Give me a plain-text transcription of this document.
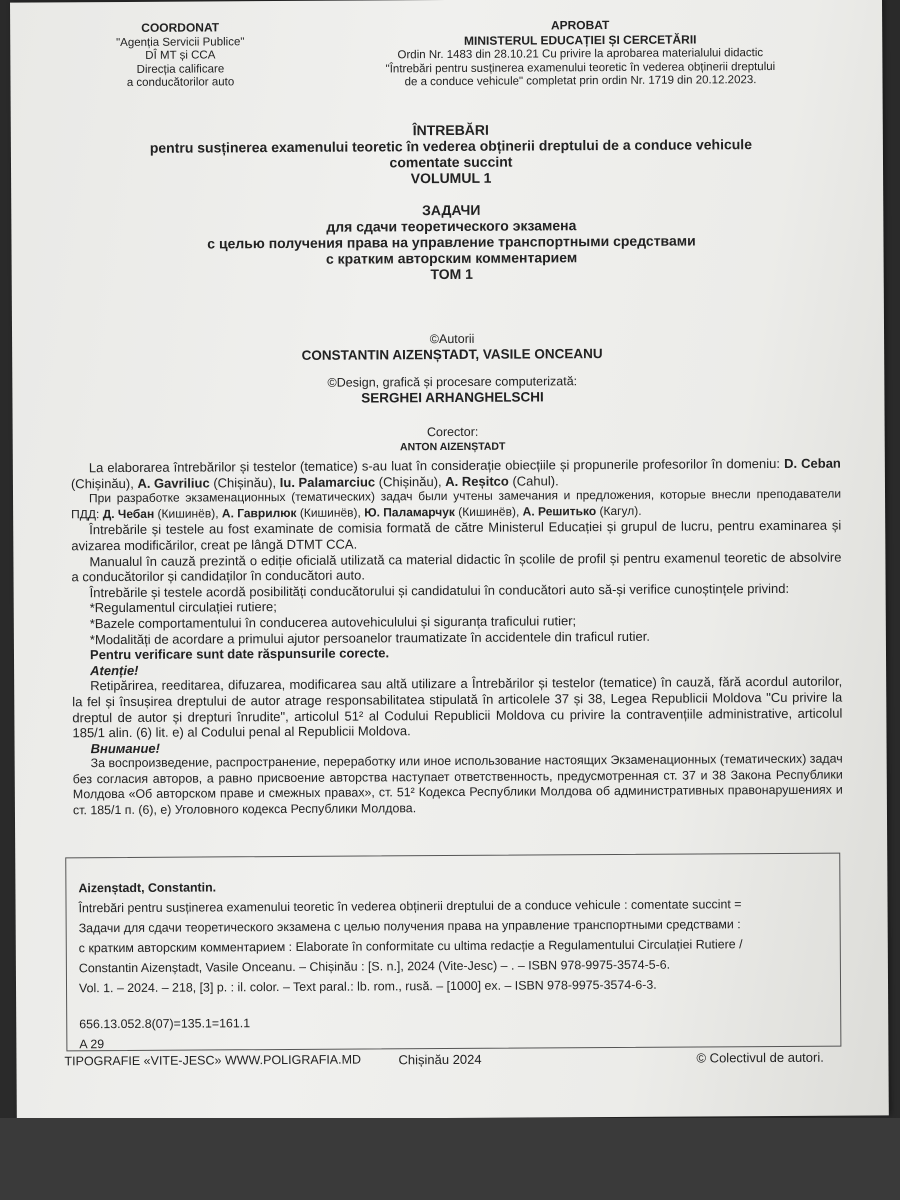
COORDONAT
"Agenția Servicii Publice"
DÎ MT și CCA
Direcția calificare
a conducătorilor auto
APROBAT
MINISTERUL EDUCAȚIEI ȘI CERCETĂRII
Ordin Nr. 1483 din 28.10.21 Cu privire la aprobarea materialului didactic
"Întrebări pentru susținerea examenului teoretic în vederea obținerii dreptului
de a conduce vehicule" completat prin ordin Nr. 1719 din 20.12.2023.
ÎNTREBĂRI
pentru susținerea examenului teoretic în vederea obținerii dreptului de a conduce vehicule
comentate succint
VOLUMUL 1
ЗАДАЧИ
для сдачи теоретического экзамена
с целью получения права на управление транспортными средствами
с кратким авторским комментарием
ТОМ 1
©Autorii
CONSTANTIN AIZENȘTADT, VASILE ONCEANU
©Design, grafică și procesare computerizată:
SERGHEI ARHANGHELSCHI
Corector:
ANTON AIZENȘTADT

La elaborarea întrebărilor și testelor (tematice) s-au luat în considerație obiecțiile și propunerile profesorilor în domeniu: D. Ceban (Chișinău), A. Gavriliuc (Chișinău), Iu. Palamarciuc (Chișinău), A. Reșitco (Cahul).

При разработке экзаменационных (тематических) задач были учтены замечания и предложения, которые внесли преподаватели ПДД: Д. Чебан (Кишинёв), А. Гаврилюк (Кишинёв), Ю. Паламарчук (Кишинёв), А. Решитько (Кагул).

Întrebările și testele au fost examinate de comisia formată de către Ministerul Educației și grupul de lucru, pentru examinarea și avizarea modificărilor, creat pe lângă DTMT CCA.

Manualul în cauză prezintă o ediție oficială utilizată ca material didactic în școlile de profil și pentru examenul teoretic de absolvire a conducătorilor și candidaților în conducători auto.

Întrebările și testele acordă posibilități conducătorului și candidatului în conducători auto să-și verifice cunoștințele privind:

*Regulamentul circulației rutiere;

*Bazele comportamentului în conducerea autovehiculului și siguranța traficului rutier;

*Modalități de acordare a primului ajutor persoanelor traumatizate în accidentele din traficul rutier.

Pentru verificare sunt date răspunsurile corecte.

Atenție!

Retipărirea, reeditarea, difuzarea, modificarea sau altă utilizare a Întrebărilor și testelor (tematice) în cauză, fără acordul autorilor, la fel și însușirea dreptului de autor atrage responsabilitatea stipulată în articolele 37 și 38, Legea Republicii Moldova "Cu privire la dreptul de autor și drepturi înrudite", articolul 51² al Codului Republicii Moldova cu privire la contravențiile administrative, articolul 185/1 alin. (6) lit. e) al Codului penal al Republicii Moldova.

Внимание!

За воспроизведение, распространение, переработку или иное использование настоящих Экзаменационных (тематических) задач без согласия авторов, а равно присвоение авторства наступает ответственность, предусмотренная ст. 37 и 38 Закона Республики Молдова «Об авторском праве и смежных правах», ст. 51² Кодекса Республики Молдова об административных правонарушениях и ст. 185/1 п. (6), е) Уголовного кодекса Республики Молдова.

Aizenștadt, Constantin.
Întrebări pentru susținerea examenului teoretic în vederea obținerii dreptului de a conduce vehicule : comentate succint =
Задачи для сдачи теоретического экзамена с целью получения права на управление транспортными средствами :
с кратким авторским комментарием : Elaborate în conformitate cu ultima redacție a Regulamentului Circulației Rutiere /
Constantin Aizenștadt, Vasile Onceanu. – Chișinău : [S. n.], 2024 (Vite-Jesc) – . – ISBN 978-9975-3574-5-6.
Vol. 1. – 2024. – 218, [3] p. : il. color. – Text paral.: lb. rom., rusă. – [1000] ex. – ISBN 978-9975-3574-6-3.
656.13.052.8(07)=135.1=161.1
A 29
TIPOGRAFIE «VITE-JESC» WWW.POLIGRAFIA.MD	Chișinău 2024	© Colectivul de autori.
